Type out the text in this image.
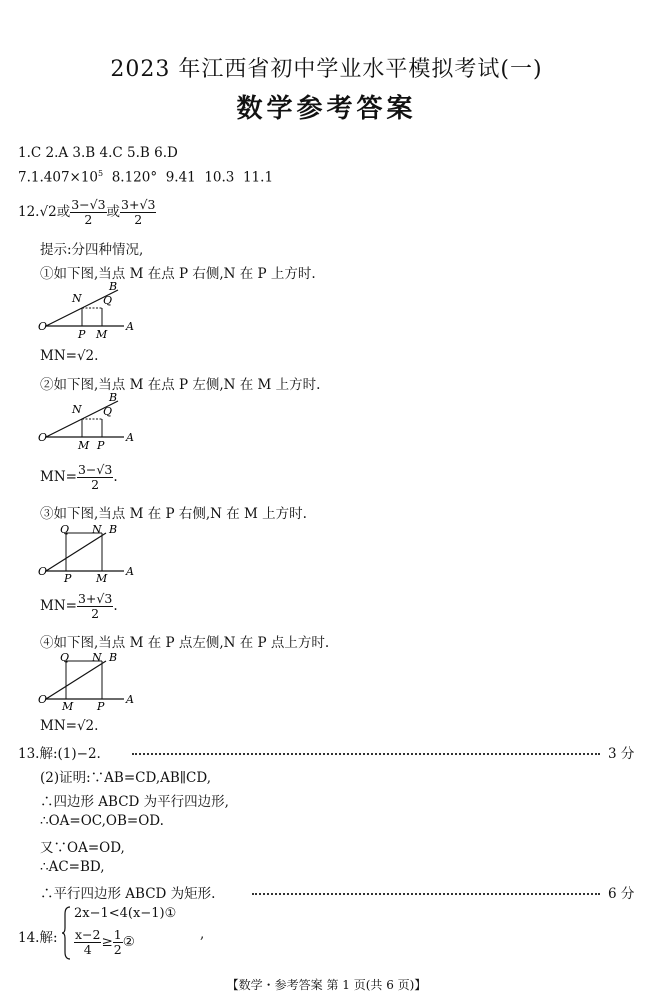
2023 年江西省初中学业水平模拟考试(一)
数学参考答案
1.C 2.A 3.B 4.C 5.B 6.D
$7.1.407\times 10^5$  8.120°  9.41  10.3  11.1
12.√2或 $\frac{3-√3}{2}$ 或 $\frac{3+√3}{2}$
提示:分四种情况,
①如下图,当点 M 在点 P 右侧,N 在 P 上方时.
O	A
B
N Q
P M
MN=√2.
②如下图,当点 M 在点 P 左侧,N 在 M 上方时.
O	A
B
N Q
M P
$MN= \frac{3-√3}{2}$ .
③如下图,当点 M 在 P 右侧,N 在 M 上方时.
O	A
B
N
Q
P M
$MN= \frac{3+√3}{2}$ .
④如下图,当点 M 在 P 点左侧,N 在 P 点上方时.
O	A
B
N
Q
M P
MN=√2.
13.解:(1)−2.	3 分
(2)证明:∵AB=CD,AB∥CD,
∴四边形 ABCD 为平行四边形,
∴OA=OC,OB=OD.
又∵OA=OD,
∴AC=BD,
∴平行四边形 ABCD 为矩形.	6 分
14.解:
2x−1<4(x−1)①
$\frac{x-2}{4} \ge \frac{1}{2}$ ②	,
【数学・参考答案 第 1 页(共 6 页)】
